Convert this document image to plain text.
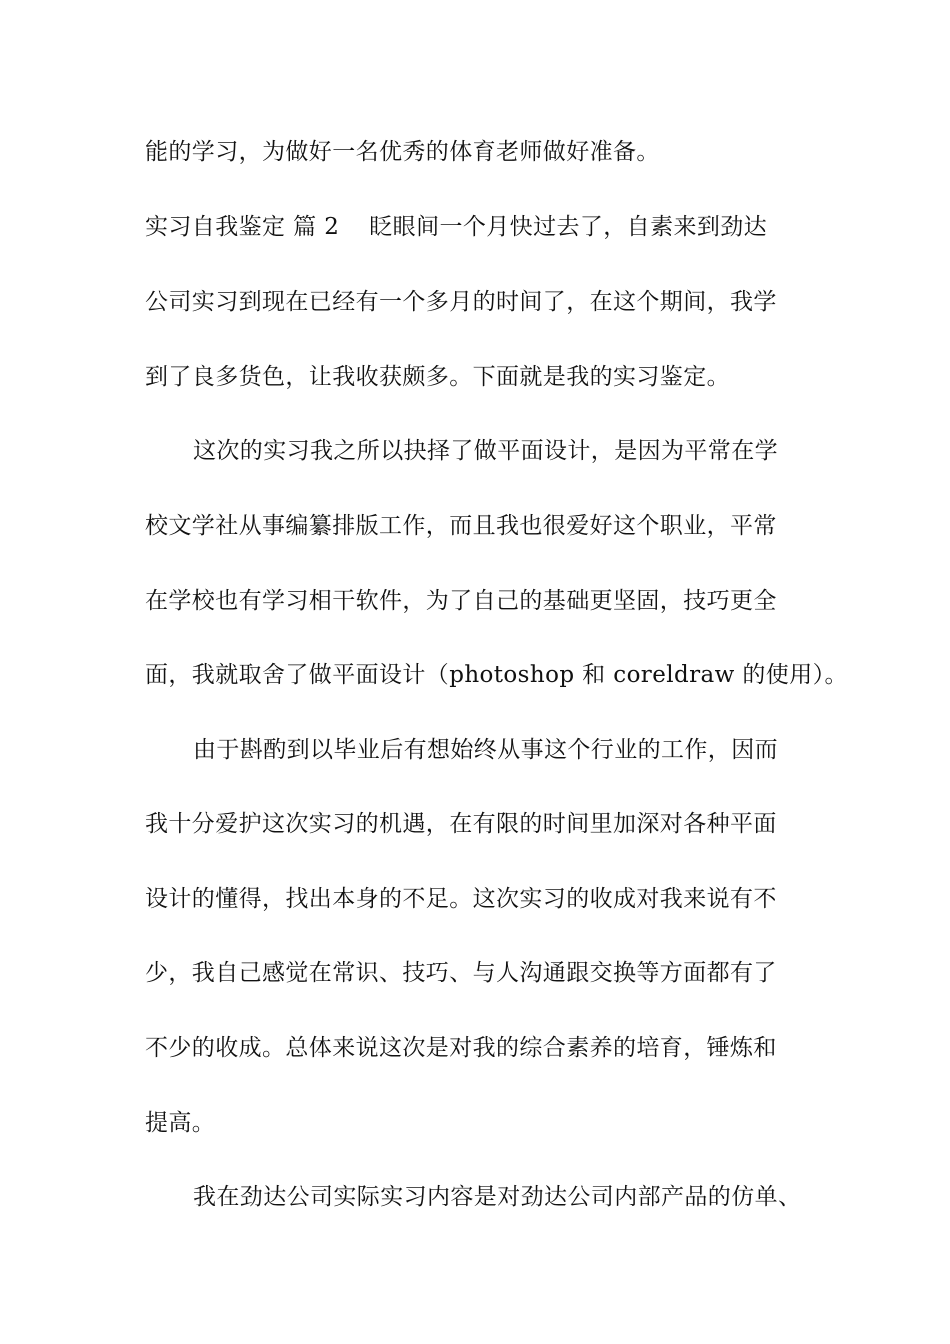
能的学习，为做好一名优秀的体育老师做好准备。
实习自我鉴定 篇 2 眨眼间一个月快过去了，自素来到劲达
公司实习到现在已经有一个多月的时间了，在这个期间，我学
到了良多货色，让我收获颇多。下面就是我的实习鉴定。
这次的实习我之所以抉择了做平面设计，是因为平常在学
校文学社从事编纂排版工作，而且我也很爱好这个职业，平常
在学校也有学习相干软件，为了自己的基础更坚固，技巧更全
面，我就取舍了做平面设计（photoshop 和 coreldraw 的使用）。
由于斟酌到以毕业后有想始终从事这个行业的工作，因而
我十分爱护这次实习的机遇，在有限的时间里加深对各种平面
设计的懂得，找出本身的不足。这次实习的收成对我来说有不
少，我自己感觉在常识、技巧、与人沟通跟交换等方面都有了
不少的收成。总体来说这次是对我的综合素养的培育，锤炼和
提高。
我在劲达公司实际实习内容是对劲达公司内部产品的仿单、
